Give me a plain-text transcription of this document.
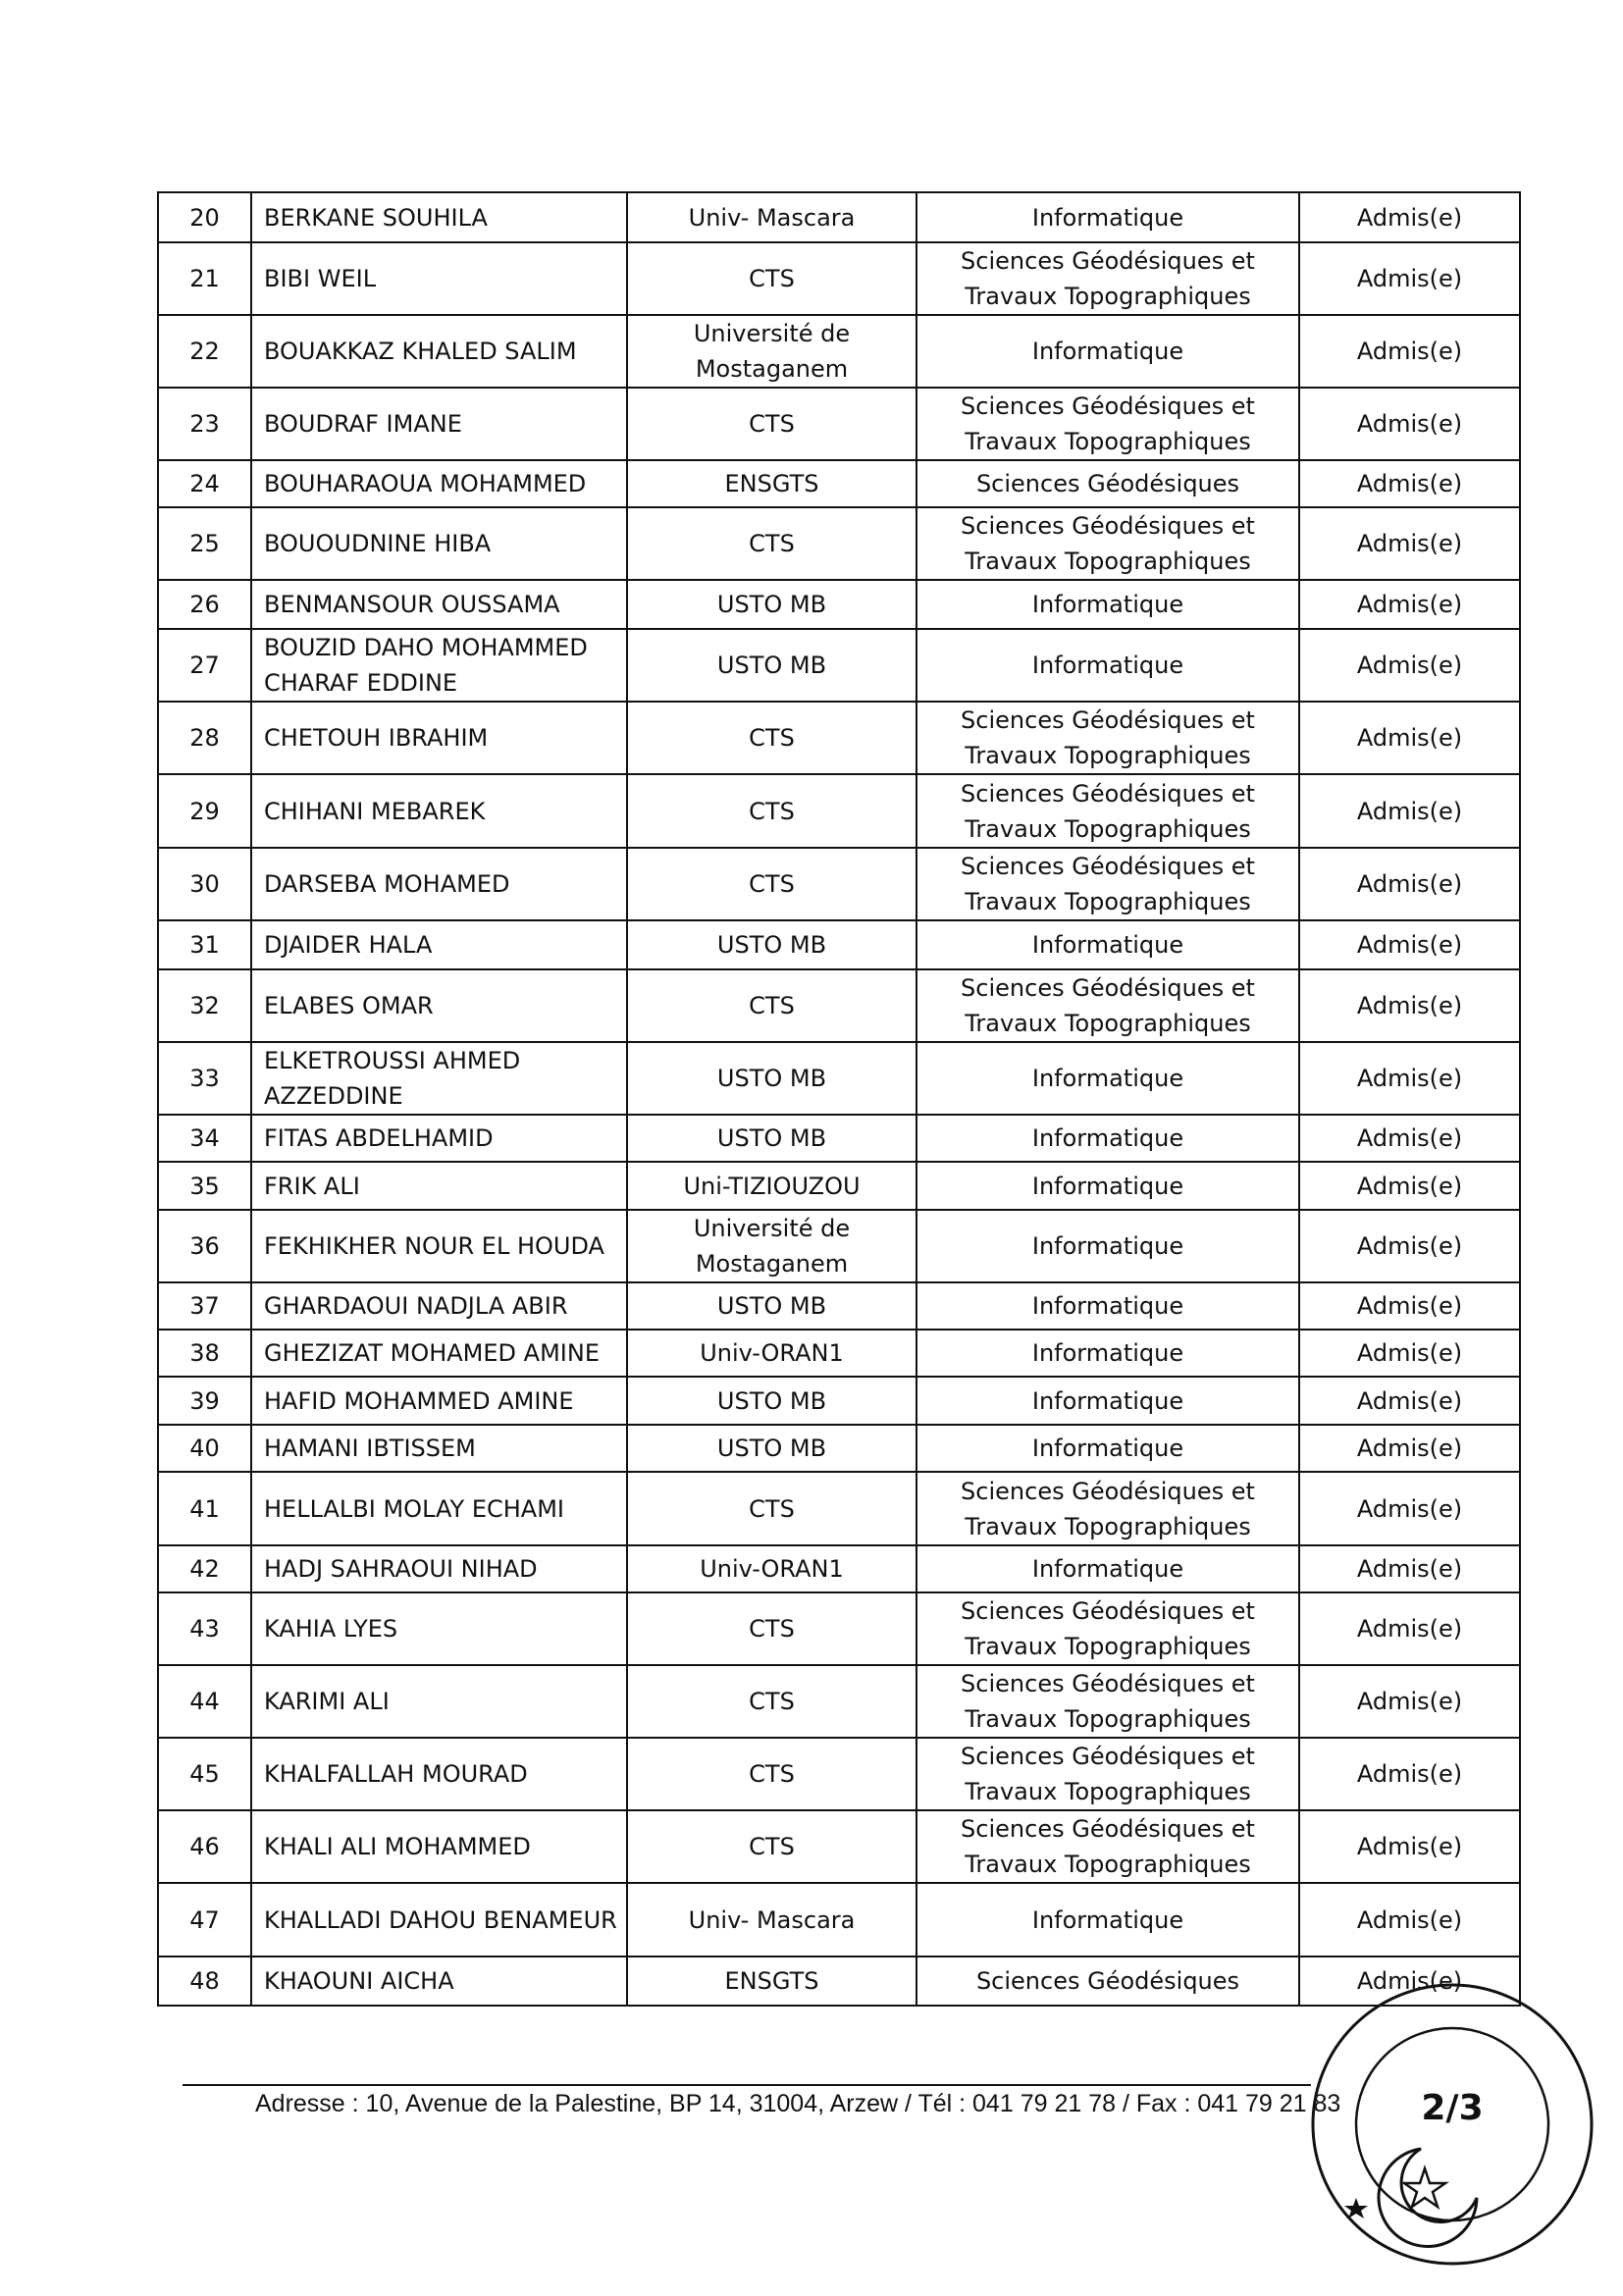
20	BERKANE SOUHILA	Univ- Mascara	Informatique	Admis(e)
21	BIBI WEIL	CTS	Sciences Géodésiques et Travaux Topographiques	Admis(e)
22	BOUAKKAZ KHALED SALIM	Université de Mostaganem	Informatique	Admis(e)
23	BOUDRAF IMANE	CTS	Sciences Géodésiques et Travaux Topographiques	Admis(e)
24	BOUHARAOUA MOHAMMED	ENSGTS	Sciences Géodésiques	Admis(e)
25	BOUOUDNINE HIBA	CTS	Sciences Géodésiques et Travaux Topographiques	Admis(e)
26	BENMANSOUR OUSSAMA	USTO MB	Informatique	Admis(e)
27	BOUZID DAHO MOHAMMED CHARAF EDDINE	USTO MB	Informatique	Admis(e)
28	CHETOUH IBRAHIM	CTS	Sciences Géodésiques et Travaux Topographiques	Admis(e)
29	CHIHANI MEBAREK	CTS	Sciences Géodésiques et Travaux Topographiques	Admis(e)
30	DARSEBA MOHAMED	CTS	Sciences Géodésiques et Travaux Topographiques	Admis(e)
31	DJAIDER HALA	USTO MB	Informatique	Admis(e)
32	ELABES OMAR	CTS	Sciences Géodésiques et Travaux Topographiques	Admis(e)
33	ELKETROUSSI AHMED AZZEDDINE	USTO MB	Informatique	Admis(e)
34	FITAS ABDELHAMID	USTO MB	Informatique	Admis(e)
35	FRIK ALI	Uni-TIZIOUZOU	Informatique	Admis(e)
36	FEKHIKHER NOUR EL HOUDA	Université de Mostaganem	Informatique	Admis(e)
37	GHARDAOUI NADJLA ABIR	USTO MB	Informatique	Admis(e)
38	GHEZIZAT MOHAMED AMINE	Univ-ORAN1	Informatique	Admis(e)
39	HAFID MOHAMMED AMINE	USTO MB	Informatique	Admis(e)
40	HAMANI IBTISSEM	USTO MB	Informatique	Admis(e)
41	HELLALBI MOLAY ECHAMI	CTS	Sciences Géodésiques et Travaux Topographiques	Admis(e)
42	HADJ SAHRAOUI NIHAD	Univ-ORAN1	Informatique	Admis(e)
43	KAHIA LYES	CTS	Sciences Géodésiques et Travaux Topographiques	Admis(e)
44	KARIMI ALI	CTS	Sciences Géodésiques et Travaux Topographiques	Admis(e)
45	KHALFALLAH MOURAD	CTS	Sciences Géodésiques et Travaux Topographiques	Admis(e)
46	KHALI ALI MOHAMMED	CTS	Sciences Géodésiques et Travaux Topographiques	Admis(e)
47	KHALLADI DAHOU BENAMEUR	Univ- Mascara	Informatique	Admis(e)
48	KHAOUNI AICHA	ENSGTS	Sciences Géodésiques	Admis(e)
Adresse : 10, Avenue de la Palestine, BP 14, 31004, Arzew / Tél : 041 79 21 78 / Fax : 041 79 21 83 2/3
